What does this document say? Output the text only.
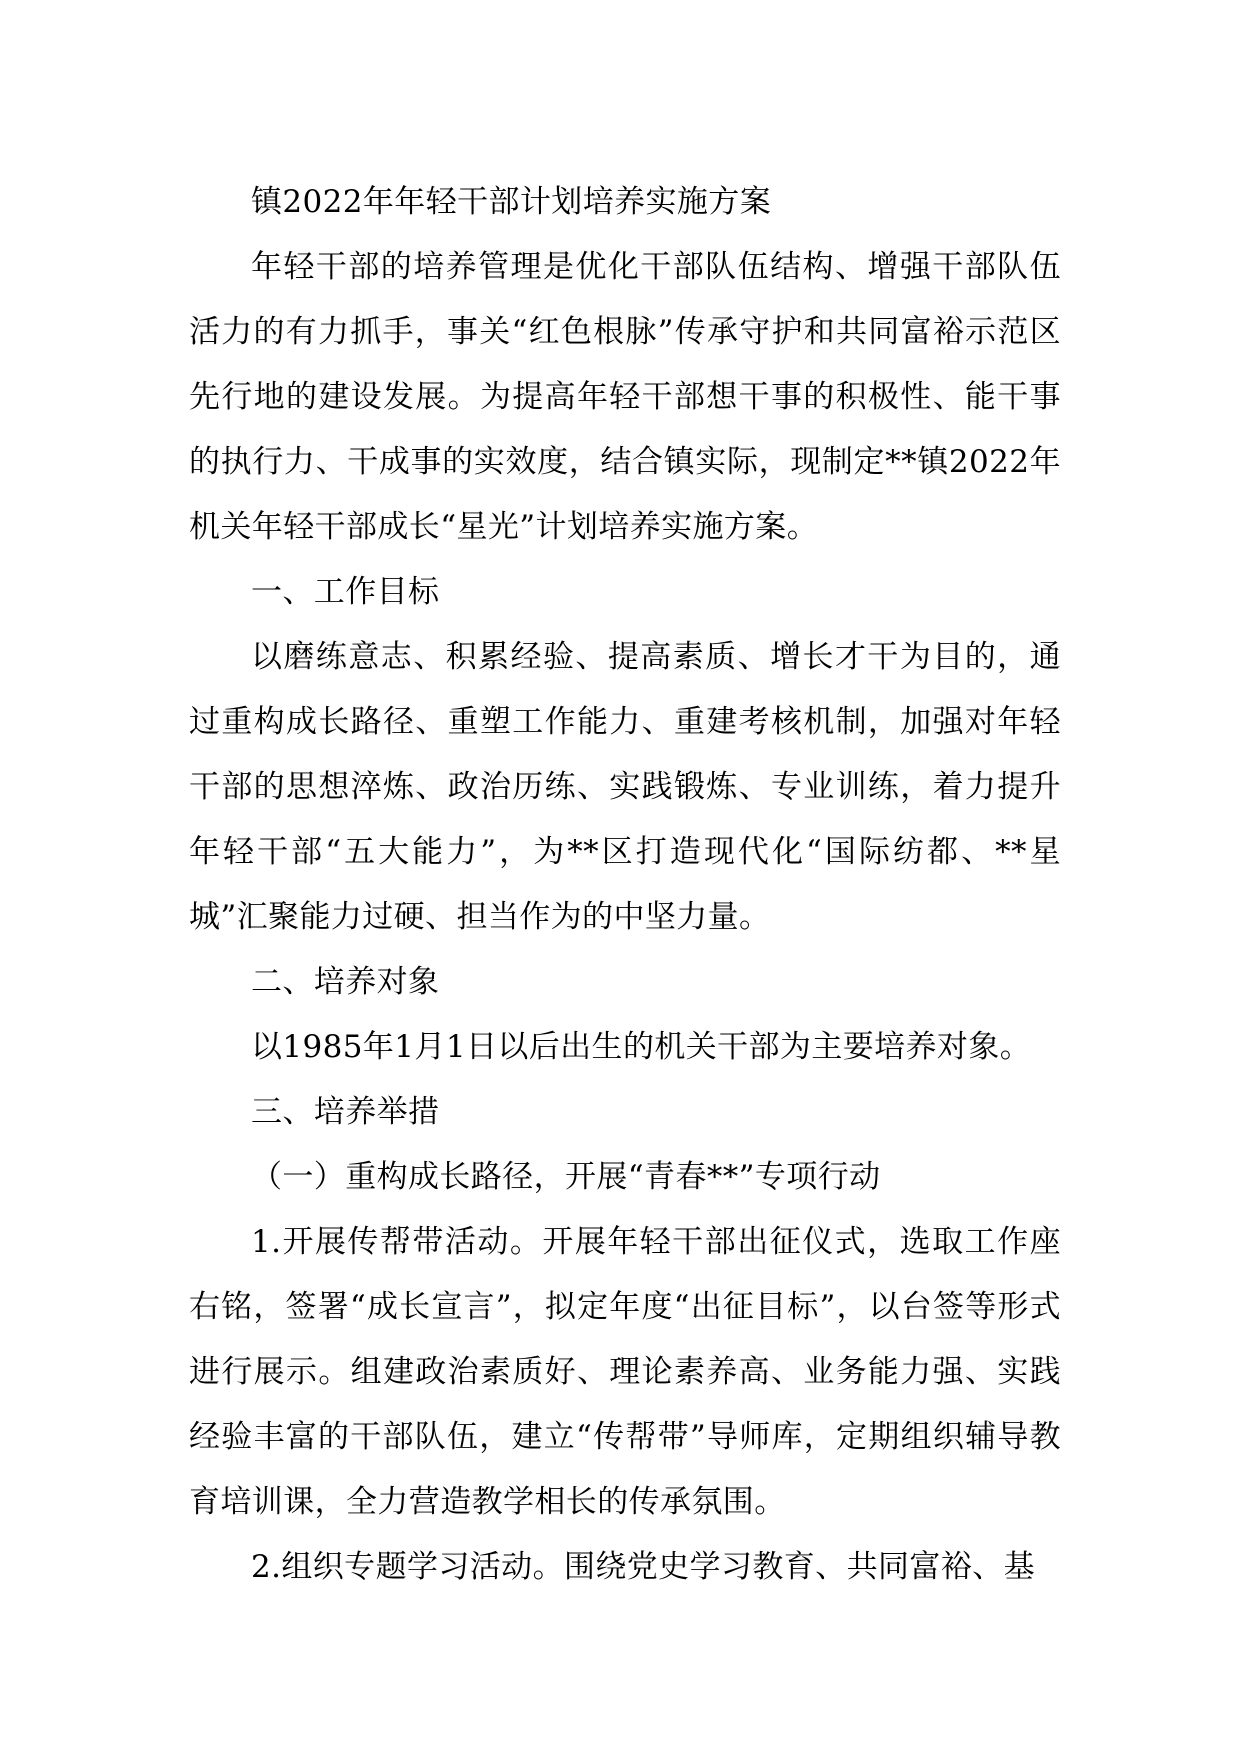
镇2022年年轻干部计划培养实施方案

年轻干部的培养管理是优化干部队伍结构、增强干部队伍活力的有力抓手，事关“红色根脉”传承守护和共同富裕示范区先行地的建设发展。为提高年轻干部想干事的积极性、能干事的执行力、干成事的实效度，结合镇实际，现制定**镇2022年机关年轻干部成长“星光”计划培养实施方案。

一、工作目标

以磨练意志、积累经验、提高素质、增长才干为目的，通过重构成长路径、重塑工作能力、重建考核机制，加强对年轻干部的思想淬炼、政治历练、实践锻炼、专业训练，着力提升年轻干部“五大能力”，为**区打造现代化“国际纺都、**星城”汇聚能力过硬、担当作为的中坚力量。

二、培养对象

以1985年1月1日以后出生的机关干部为主要培养对象。

三、培养举措

（一）重构成长路径，开展“青春**”专项行动

1.开展传帮带活动。开展年轻干部出征仪式，选取工作座右铭，签署“成长宣言”，拟定年度“出征目标”，以台签等形式进行展示。组建政治素质好、理论素养高、业务能力强、实践经验丰富的干部队伍，建立“传帮带”导师库，定期组织辅导教育培训课，全力营造教学相长的传承氛围。

2.组织专题学习活动。围绕党史学习教育、共同富裕、基
